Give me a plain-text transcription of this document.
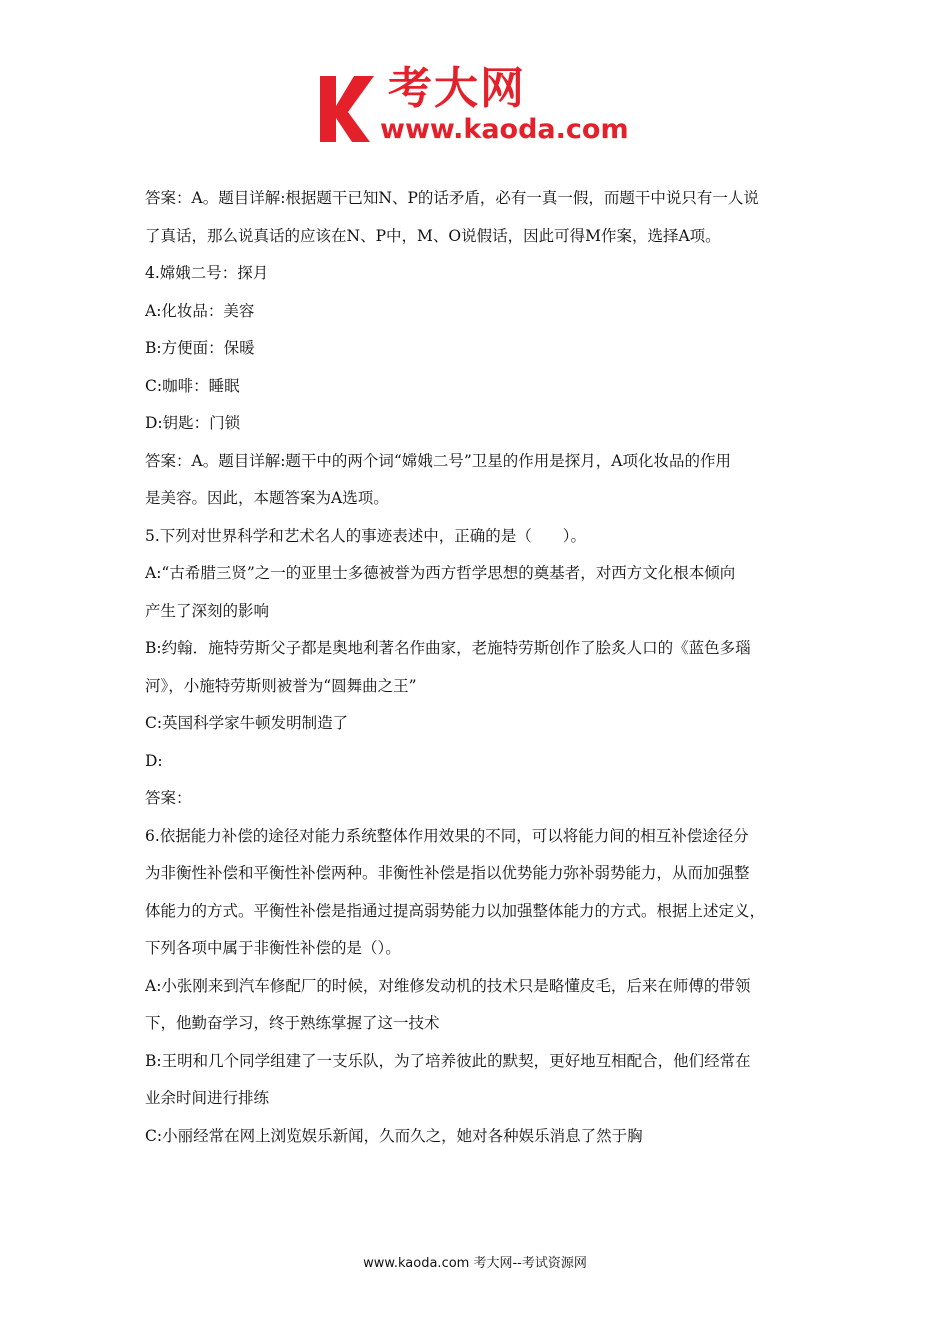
考大网
www.kaoda.com
答案：A。题目详解:根据题干已知N、P的话矛盾，必有一真一假，而题干中说只有一人说
了真话，那么说真话的应该在N、P中，M、O说假话，因此可得M作案，选择A项。
4.嫦娥二号：探月
A:化妆品：美容
B:方便面：保暖
C:咖啡：睡眠
D:钥匙：门锁
答案：A。题目详解:题干中的两个词“嫦娥二号”卫星的作用是探月，A项化妆品的作用
是美容。因此，本题答案为A选项。
5.下列对世界科学和艺术名人的事迹表述中，正确的是（　　）。
A:“古希腊三贤”之一的亚里士多德被誉为西方哲学思想的奠基者，对西方文化根本倾向
产生了深刻的影响
B:约翰．施特劳斯父子都是奥地利著名作曲家，老施特劳斯创作了脍炙人口的《蓝色多瑙
河》，小施特劳斯则被誉为“圆舞曲之王”
C:英国科学家牛顿发明制造了
D:
答案：
6.依据能力补偿的途径对能力系统整体作用效果的不同，可以将能力间的相互补偿途径分
为非衡性补偿和平衡性补偿两种。非衡性补偿是指以优势能力弥补弱势能力，从而加强整
体能力的方式。平衡性补偿是指通过提高弱势能力以加强整体能力的方式。根据上述定义，
下列各项中属于非衡性补偿的是（）。
A:小张刚来到汽车修配厂的时候，对维修发动机的技术只是略懂皮毛，后来在师傅的带领
下，他勤奋学习，终于熟练掌握了这一技术
B:王明和几个同学组建了一支乐队，为了培养彼此的默契，更好地互相配合，他们经常在
业余时间进行排练
C:小丽经常在网上浏览娱乐新闻，久而久之，她对各种娱乐消息了然于胸
www.kaoda.com 考大网--考试资源网
